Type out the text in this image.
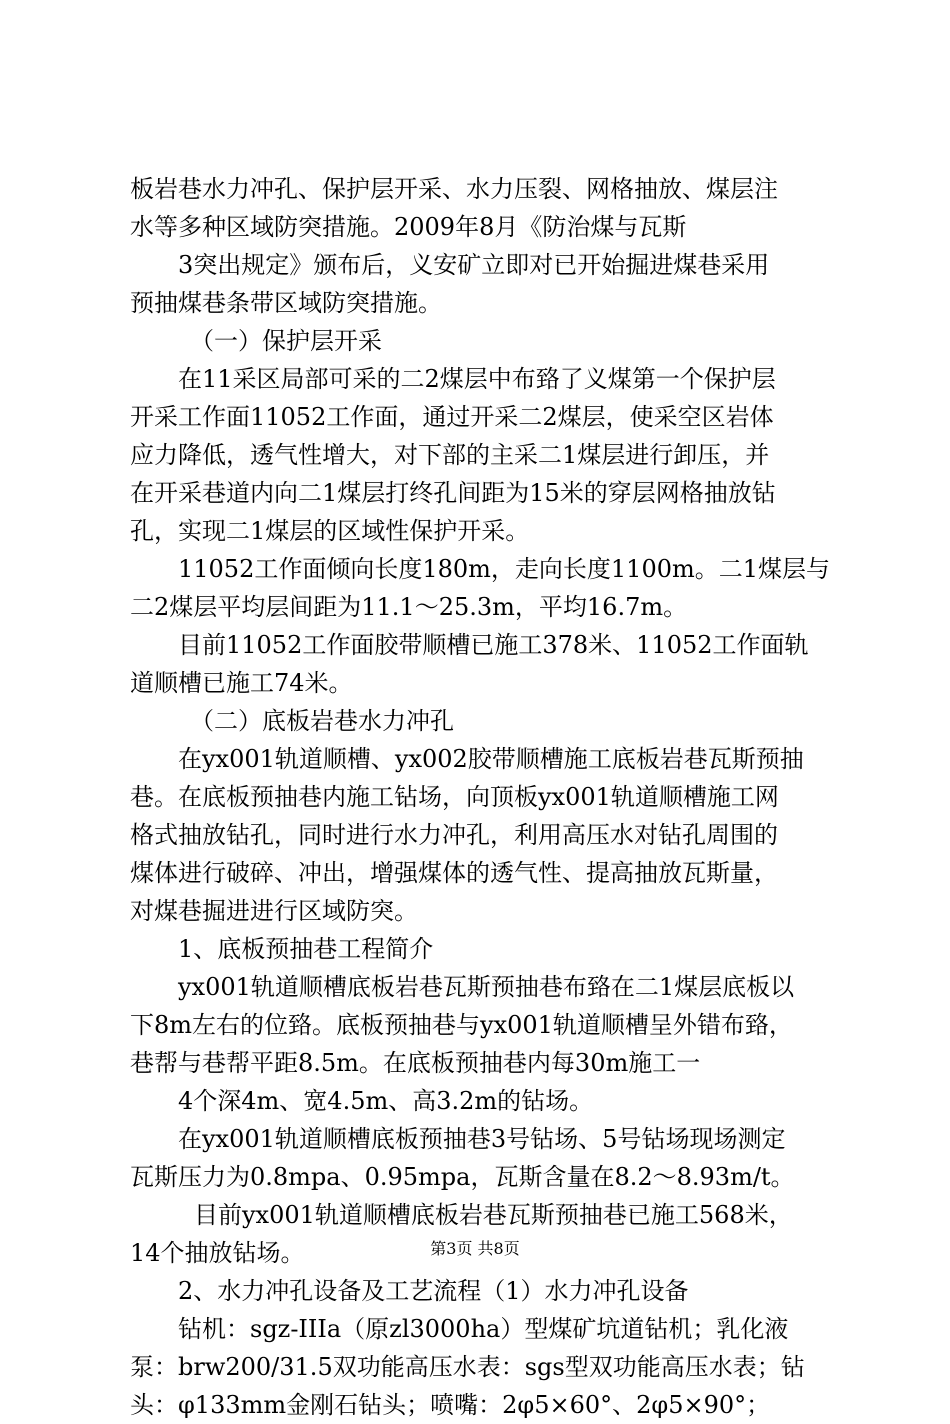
板岩巷水力冲孔、保护层开采、水力压裂、网格抽放、煤层注
水等多种区域防突措施。2009年8月《防治煤与瓦斯
3突出规定》颁布后，义安矿立即对已开始掘进煤巷采用
预抽煤巷条带区域防突措施。
（一）保护层开采
在11采区局部可采的二2煤层中布臵了义煤第一个保护层
开采工作面11052工作面，通过开采二2煤层，使采空区岩体
应力降低，透气性增大，对下部的主采二1煤层进行卸压，并
在开采巷道内向二1煤层打终孔间距为15米的穿层网格抽放钻
孔，实现二1煤层的区域性保护开采。
11052工作面倾向长度180m，走向长度1100m。二1煤层与
二2煤层平均层间距为11.1～25.3m，平均16.7m。
目前11052工作面胶带顺槽已施工378米、11052工作面轨
道顺槽已施工74米。
（二）底板岩巷水力冲孔
在yx001轨道顺槽、yx002胶带顺槽施工底板岩巷瓦斯预抽
巷。在底板预抽巷内施工钻场，向顶板yx001轨道顺槽施工网
格式抽放钻孔，同时进行水力冲孔，利用高压水对钻孔周围的
煤体进行破碎、冲出，增强煤体的透气性、提高抽放瓦斯量，
对煤巷掘进进行区域防突。
1、底板预抽巷工程简介
yx001轨道顺槽底板岩巷瓦斯预抽巷布臵在二1煤层底板以
下8m左右的位臵。底板预抽巷与yx001轨道顺槽呈外错布臵，
巷帮与巷帮平距8.5m。在底板预抽巷内每30m施工一
4个深4m、宽4.5m、高3.2m的钻场。
在yx001轨道顺槽底板预抽巷3号钻场、5号钻场现场测定
瓦斯压力为0.8mpa、0.95mpa，瓦斯含量在8.2～8.93m/t。
目前yx001轨道顺槽底板岩巷瓦斯预抽巷已施工568米，
14个抽放钻场。
2、水力冲孔设备及工艺流程（1）水力冲孔设备
钻机：sgz-IIIa（原zl3000ha）型煤矿坑道钻机；乳化液
泵：brw200/31.5双功能高压水表：sgs型双功能高压水表；钻
头：φ133mm金刚石钻头；喷嘴：2φ5×60°、2φ5×90°；
第3页 共8页
